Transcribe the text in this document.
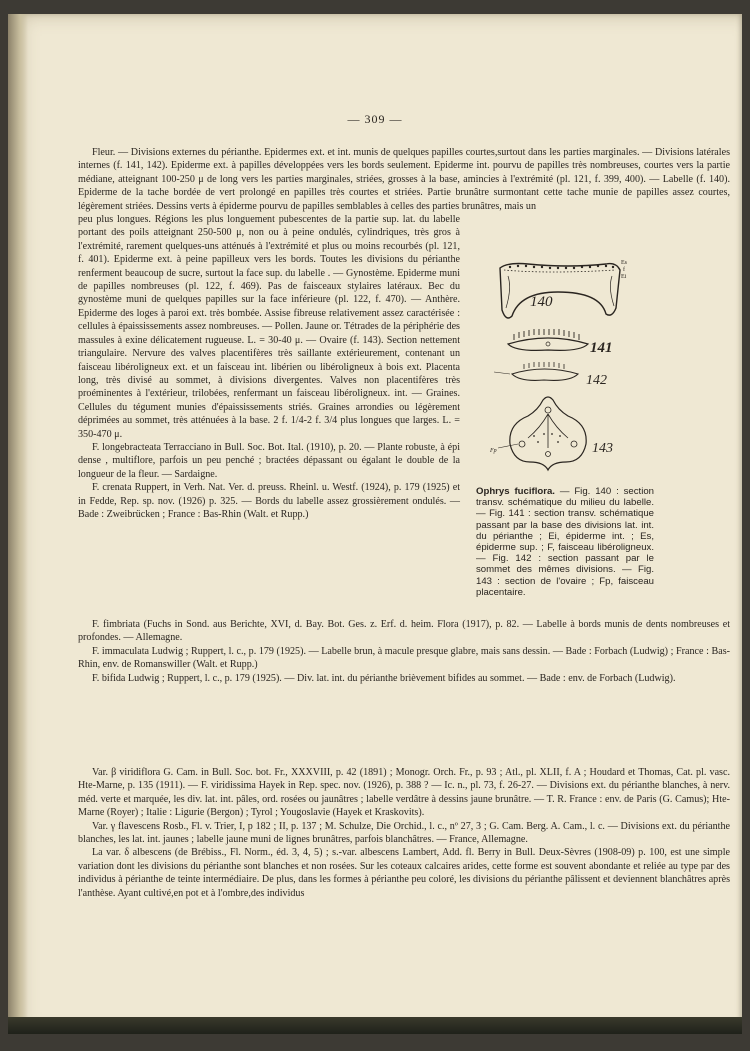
— 309 —

Fleur. — Divisions externes du périanthe. Epidermes ext. et int. munis de quelques papilles courtes,surtout dans les parties marginales. — Divisions latérales internes (f. 141, 142). Epiderme ext. à papilles développées vers les bords seulement. Epiderme int. pourvu de papilles très nombreuses, courtes vers la partie médiane, atteignant 100-250 μ de long vers les parties marginales, striées, grosses à la base, amincies à l'extrémité (pl. 121, f. 399, 400). — Labelle (f. 140). Epiderme de la tache bordée de vert prolongé en papilles très courtes et striées. Partie brunâtre surmontant cette tache munie de papilles assez courtes, légèrement striées. Dessins verts à épiderme pourvu de papilles semblables à celles des parties brunâtres, mais un

peu plus longues. Régions les plus longuement pubescentes de la partie sup. lat. du labelle portant des poils atteignant 250-500 μ, non ou à peine ondulés, cylindriques, très gros à l'extrémité, rarement quelques-uns atténués à l'extrémité et plus ou moins recourbés (pl. 121, f. 401). Epiderme ext. à peine papilleux vers les bords. Toutes les divisions du périanthe renferment beaucoup de sucre, surtout la face sup. du labelle . — Gynostème. Epiderme muni de papilles nombreuses (pl. 122, f. 469). Pas de faisceaux stylaires latéraux. Bec du gynostème muni de quelques papilles sur la face inférieure (pl. 122, f. 470). — Anthère. Epiderme des loges à paroi ext. très bombée. Assise fibreuse relativement assez caractérisée : cellules à épaississements assez nombreuses. — Pollen. Jaune or. Tétrades de la périphérie des massules à exine délicatement rugueuse. L. = 30-40 μ. — Ovaire (f. 143). Section nettement triangulaire. Nervure des valves placentifères très saillante extérieurement, contenant un faisceau libéroligneux ext. et un faisceau int. libérien ou libéroligneux à bois ext. Placenta long, très divisé au sommet, à divisions divergentes. Valves non placentifères très proéminentes à l'extérieur, trilobées, renfermant un faisceau libéroligneux. int. — Graines. Cellules du tégument munies d'épaississements striés. Graines arrondies ou légèrement déprimées au sommet, très atténuées à la base. 2 f. 1/4-2 f. 3/4 plus longues que larges. L. = 350-470 μ.

F. longebracteata Terracciano in Bull. Soc. Bot. Ital. (1910), p. 20. — Plante robuste, à épi dense , multiflore, parfois un peu penché ; bractées dépassant ou égalant le double de la longueur de la fleur. — Sardaigne.

F. crenata Ruppert, in Verh. Nat. Ver. d. preuss. Rheinl. u. Westf. (1924), p. 179 (1925) et in Fedde, Rep. sp. nov. (1926) p. 325. — Bords du labelle assez grossièrement ondulés. — Bade : Zweibrücken ; France : Bas-Rhin (Walt. et Rupp.)

F. fimbriata (Fuchs in Sond. aus Berichte, XVI, d. Bay. Bot. Ges. z. Erf. d. heim. Flora (1917), p. 82. — Labelle à bords munis de dents nombreuses et profondes. — Allemagne.

F. immaculata Ludwig ; Ruppert, l. c., p. 179 (1925). — Labelle brun, à macule presque glabre, mais sans dessin. — Bade : Forbach (Ludwig) ; France : Bas-Rhin, env. de Romanswiller (Walt. et Rupp.)

F. bifida Ludwig ; Ruppert, l. c., p. 179 (1925). — Div. lat. int. du périanthe brièvement bifides au sommet. — Bade : env. de Forbach (Ludwig).

Var. β viridiflora G. Cam. in Bull. Soc. bot. Fr., XXXVIII, p. 42 (1891) ; Monogr. Orch. Fr., p. 93 ; Atl., pl. XLII, f. A ; Houdard et Thomas, Cat. pl. vasc. Hte-Marne, p. 135 (1911). — F. viridissima Hayek in Rep. spec. nov. (1926), p. 388 ? — Ic. n., pl. 73, f. 26-27. — Divisions ext. du périanthe blanches, à nerv. méd. verte et marquée, les div. lat. int. pâles, ord. rosées ou jaunâtres ; labelle verdâtre à dessins jaune brunâtre. — T. R. France : env. de Paris (G. Camus); Hte-Marne (Royer) ; Italie : Ligurie (Bergon) ; Tyrol ; Yougoslavie (Hayek et Kraskovits).

Var. γ flavescens Rosb., Fl. v. Trier, I, p 182 ; II, p. 137 ; M. Schulze, Die Orchid., l. c., nº 27, 3 ; G. Cam. Berg. A. Cam., l. c. — Divisions ext. du périanthe blanches, les lat. int. jaunes ; labelle jaune muni de lignes brunâtres, parfois blanchâtres. — France, Allemagne.

La var. δ albescens (de Brébiss., Fl. Norm., éd. 3, 4, 5) ; s.-var. albescens Lambert, Add. fl. Berry in Bull. Deux-Sèvres (1908-09) p. 100, est une simple variation dont les divisions du périanthe sont blanches et non rosées. Sur les coteaux calcaires arides, cette forme est souvent abondante et reliée au type par des individus à périanthe de teinte intermédiaire. De plus, dans les formes à périanthe peu coloré, les divisions du périanthe pâlissent et deviennent blanchâtres après l'anthèse. Ayant cultivé,en pot et à l'ombre,des individus

140
Es
f
Ei
141
142
Fp	143
Ophrys fuciflora. — Fig. 140 : section transv. schématique du milieu du labelle. — Fig. 141 : section transv. schématique passant par la base des divisions lat. int. du périanthe ; Ei, épiderme int. ; Es, épiderme sup. ; F, faisceau libéroligneux. — Fig. 142 : section passant par le sommet des mêmes divisions. — Fig. 143 : section de l'ovaire ; Fp, faisceau placentaire.
